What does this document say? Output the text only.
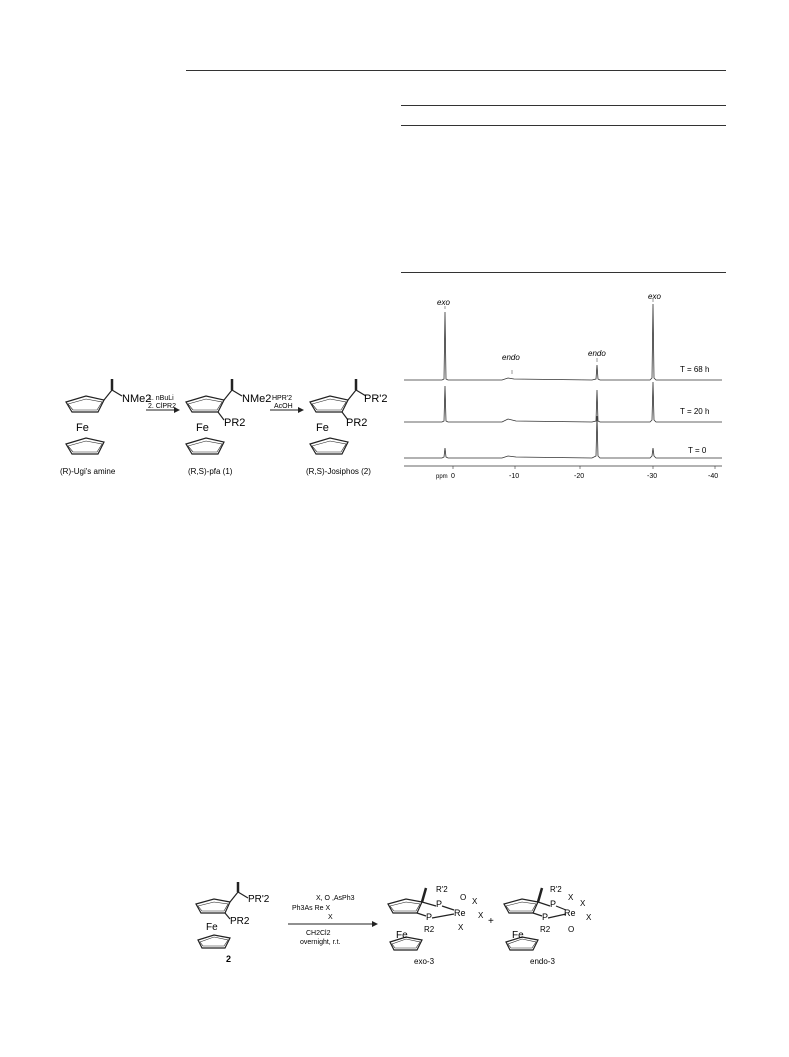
NMe2
Fe
1. nBuLi
2. ClPR2
NMe2
PR2
Fe
HPR'2
AcOH
PR'2
PR2
Fe
(R)-Ugi's amine	(R,S)-pfa (1)	(R,S)-Josiphos (2)
exo
endo	endo
exo
T = 68 h
T = 20 h
T = 0
ppm 0	-10	-20	-30	-40
PR'2
PR2
Fe
2
X, O ,AsPh3
Ph3As Re X
X
CH2Cl2
overnight, r.t.
R'2
P
P
R2
Re
O X
X
X
Fe
exo-3
+
R'2
P
P
R2
Re
X
X
X
O
Fe
endo-3
